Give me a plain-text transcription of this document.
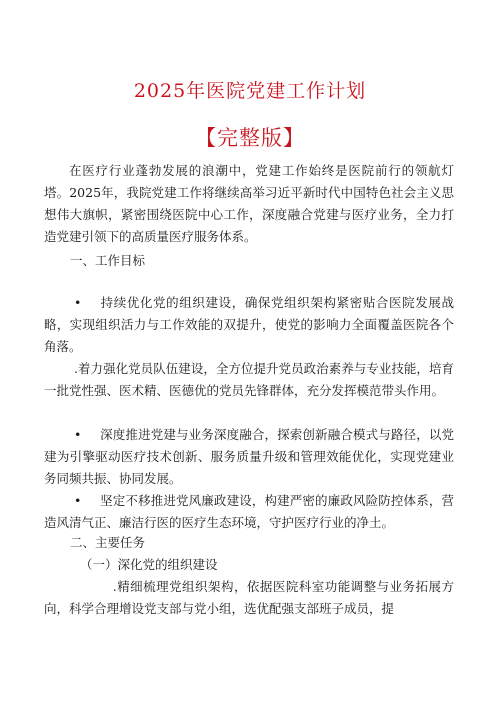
2025年医院党建工作计划
【完整版】

在医疗行业蓬勃发展的浪潮中，党建工作始终是医院前行的领航灯塔。2025年，我院党建工作将继续高举习近平新时代中国特色社会主义思想伟大旗帜，紧密围绕医院中心工作，深度融合党建与医疗业务，全力打造党建引领下的高质量医疗服务体系。

一、工作目标

• 持续优化党的组织建设，确保党组织架构紧密贴合医院发展战略，实现组织活力与工作效能的双提升，使党的影响力全面覆盖医院各个角落。

.着力强化党员队伍建设，全方位提升党员政治素养与专业技能，培育一批党性强、医术精、医德优的党员先锋群体，充分发挥模范带头作用。

• 深度推进党建与业务深度融合，探索创新融合模式与路径，以党建为引擎驱动医疗技术创新、服务质量升级和管理效能优化，实现党建业务同频共振、协同发展。

• 坚定不移推进党风廉政建设，构建严密的廉政风险防控体系，营造风清气正、廉洁行医的医疗生态环境，守护医疗行业的净土。

二、主要任务

（一）深化党的组织建设

.精细梳理党组织架构，依据医院科室功能调整与业务拓展方向，科学合理增设党支部与党小组，选优配强支部班子成员，提
